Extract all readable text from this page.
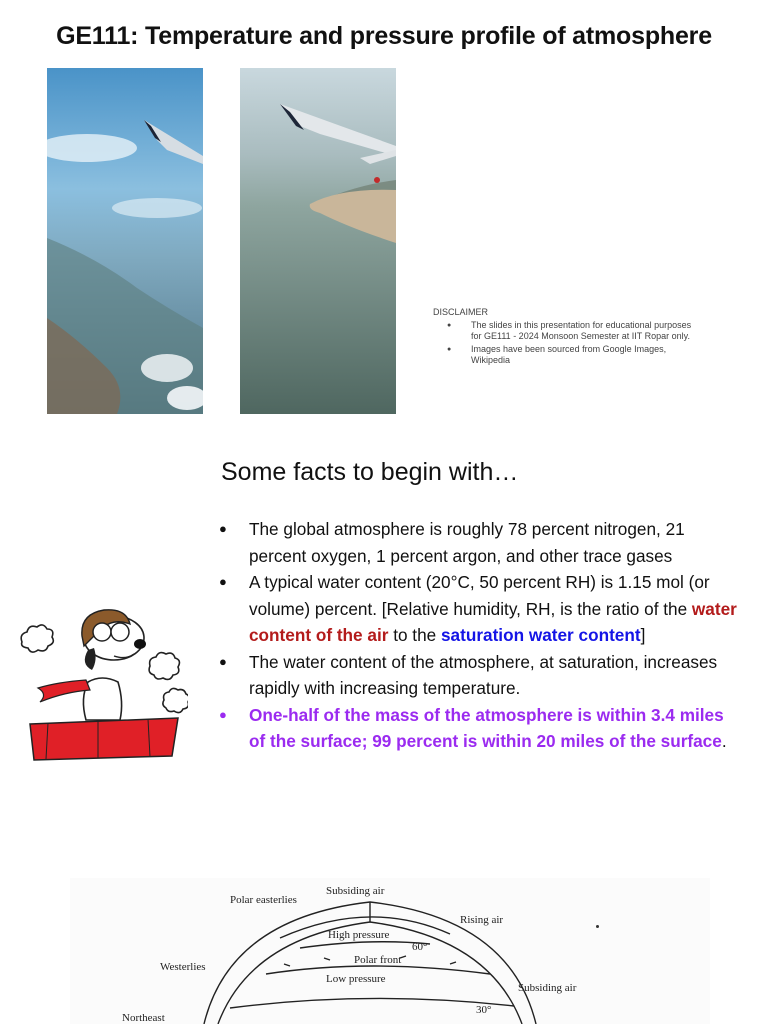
GE111: Temperature and pressure profile of atmosphere
DISCLAIMER
● The slides in this presentation for educational purposes for GE111 - 2024 Monsoon Semester at IIT Ropar only.
● Images have been sourced from Google Images, Wikipedia
Some facts to begin with…
● The global atmosphere is roughly 78 percent nitrogen, 21 percent oxygen, 1 percent argon, and other trace gases
● A typical water content (20°C, 50 percent RH) is 1.15 mol (or volume) percent. [Relative humidity, RH, is the ratio of the water content of the air to the saturation water content]
● The water content of the atmosphere, at saturation, increases rapidly with increasing temperature.
● One-half of the mass of the atmosphere is within 3.4 miles of the surface; 99 percent is within 20 miles of the surface.
Subsiding air
Polar easterlies
Rising air
High pressure
60°
Polar front
Westerlies
Low pressure
Subsiding air
30°
Northeast
